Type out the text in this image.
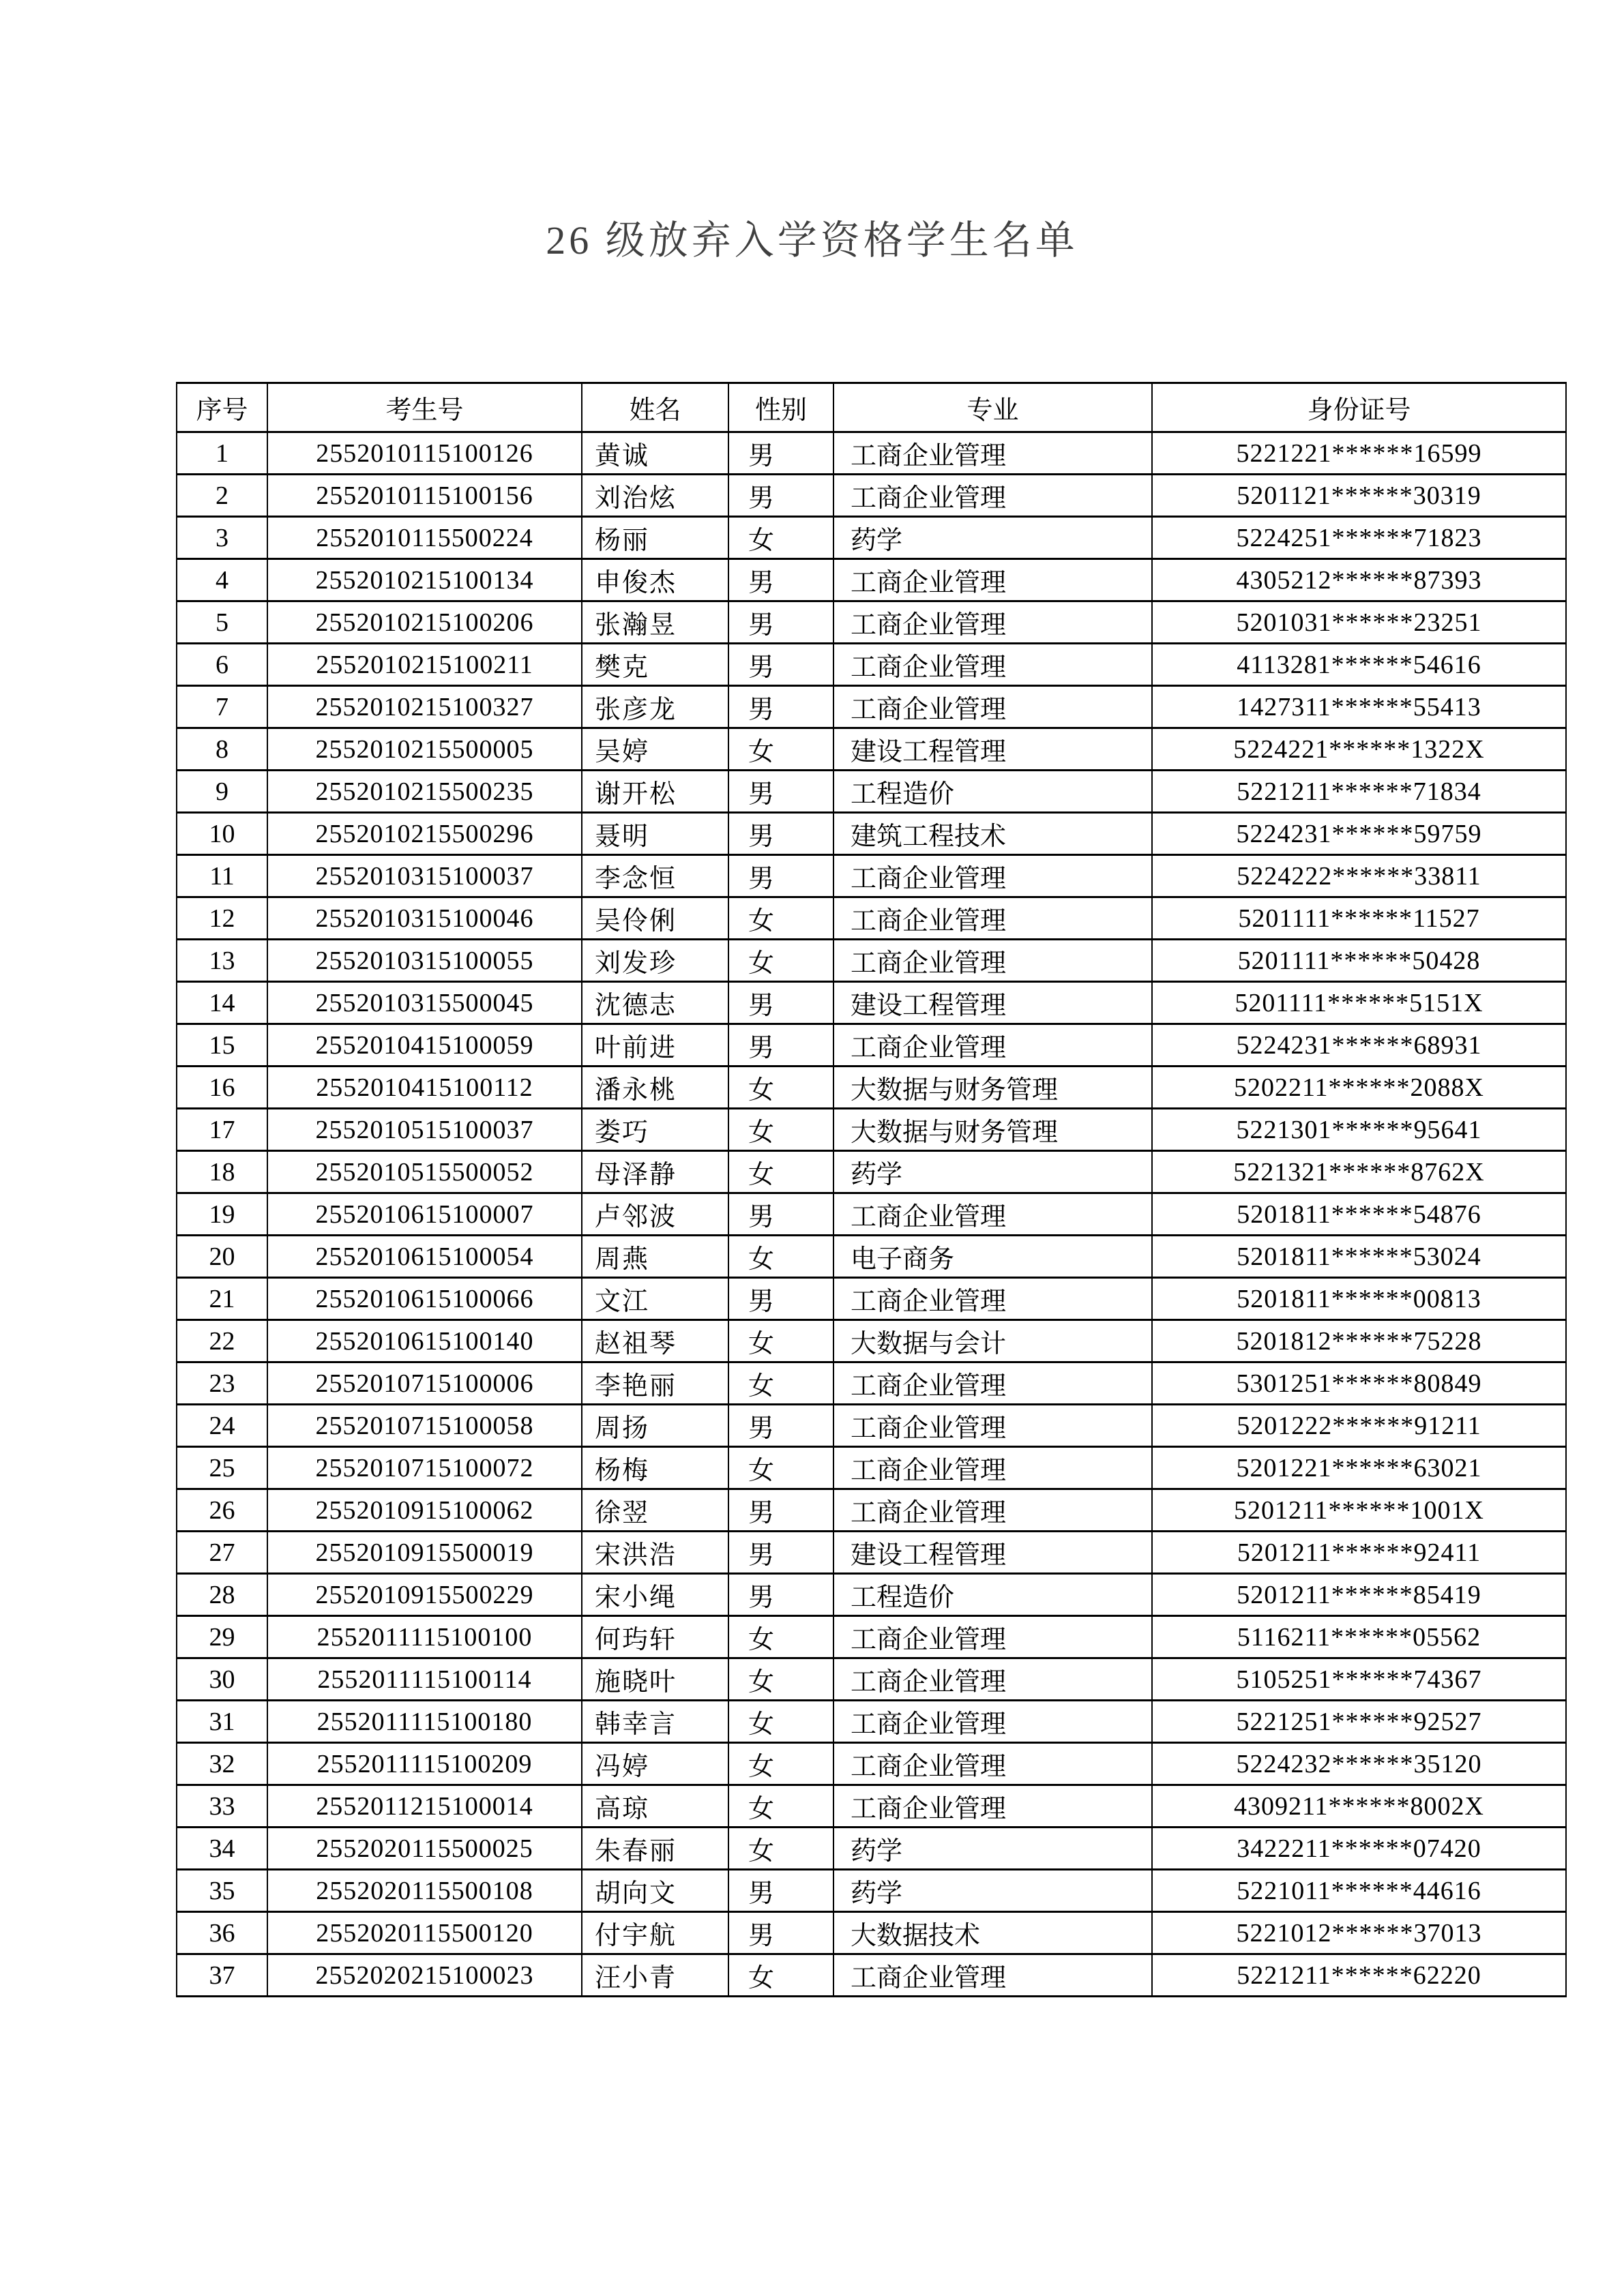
26 级放弃入学资格学生名单
序号	考生号	姓名	性别	专业	身份证号
1	2552010115100126	黄诚	男	工商企业管理	5221221******16599
2	2552010115100156	刘治炫	男	工商企业管理	5201121******30319
3	2552010115500224	杨丽	女	药学	5224251******71823
4	2552010215100134	申俊杰	男	工商企业管理	4305212******87393
5	2552010215100206	张瀚昱	男	工商企业管理	5201031******23251
6	2552010215100211	樊克	男	工商企业管理	4113281******54616
7	2552010215100327	张彦龙	男	工商企业管理	1427311******55413
8	2552010215500005	吴婷	女	建设工程管理	5224221******1322X
9	2552010215500235	谢开松	男	工程造价	5221211******71834
10	2552010215500296	聂明	男	建筑工程技术	5224231******59759
11	2552010315100037	李念恒	男	工商企业管理	5224222******33811
12	2552010315100046	吴伶俐	女	工商企业管理	5201111******11527
13	2552010315100055	刘发珍	女	工商企业管理	5201111******50428
14	2552010315500045	沈德志	男	建设工程管理	5201111******5151X
15	2552010415100059	叶前进	男	工商企业管理	5224231******68931
16	2552010415100112	潘永桃	女	大数据与财务管理	5202211******2088X
17	2552010515100037	娄巧	女	大数据与财务管理	5221301******95641
18	2552010515500052	母泽静	女	药学	5221321******8762X
19	2552010615100007	卢邻波	男	工商企业管理	5201811******54876
20	2552010615100054	周燕	女	电子商务	5201811******53024
21	2552010615100066	文江	男	工商企业管理	5201811******00813
22	2552010615100140	赵祖琴	女	大数据与会计	5201812******75228
23	2552010715100006	李艳丽	女	工商企业管理	5301251******80849
24	2552010715100058	周扬	男	工商企业管理	5201222******91211
25	2552010715100072	杨梅	女	工商企业管理	5201221******63021
26	2552010915100062	徐翌	男	工商企业管理	5201211******1001X
27	2552010915500019	宋洪浩	男	建设工程管理	5201211******92411
28	2552010915500229	宋小绳	男	工程造价	5201211******85419
29	2552011115100100	何玙轩	女	工商企业管理	5116211******05562
30	2552011115100114	施晓叶	女	工商企业管理	5105251******74367
31	2552011115100180	韩幸言	女	工商企业管理	5221251******92527
32	2552011115100209	冯婷	女	工商企业管理	5224232******35120
33	2552011215100014	高琼	女	工商企业管理	4309211******8002X
34	2552020115500025	朱春丽	女	药学	3422211******07420
35	2552020115500108	胡向文	男	药学	5221011******44616
36	2552020115500120	付宇航	男	大数据技术	5221012******37013
37	2552020215100023	汪小青	女	工商企业管理	5221211******62220
